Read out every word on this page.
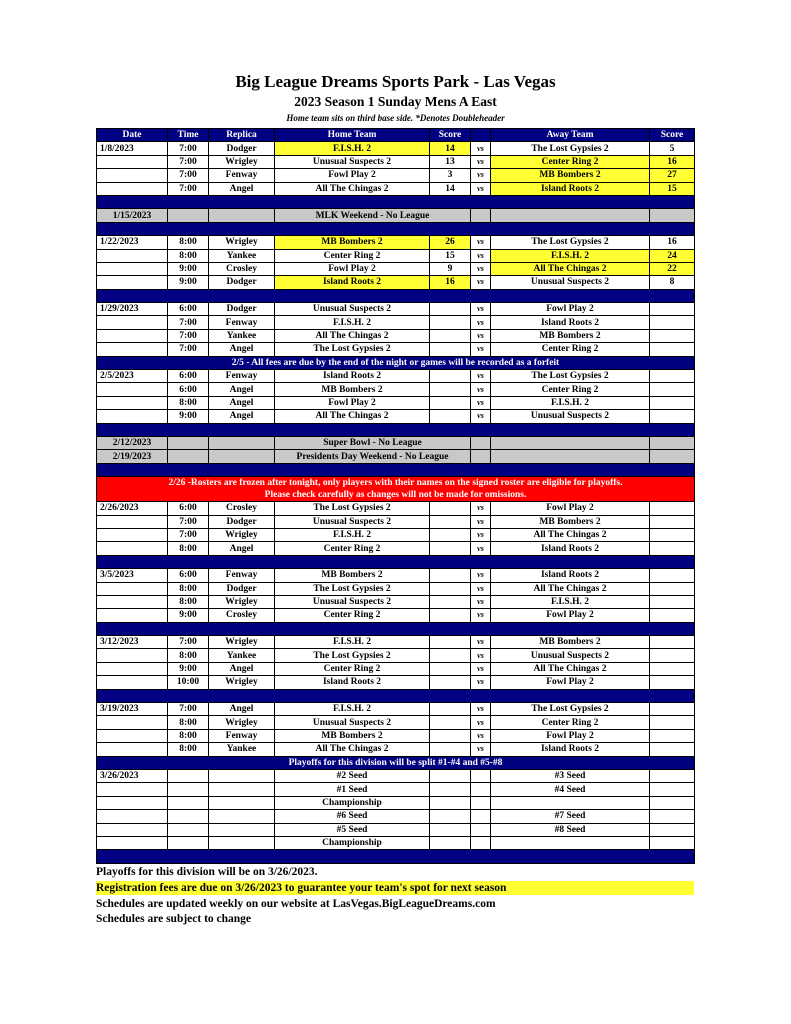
Big League Dreams Sports Park - Las Vegas
2023 Season 1 Sunday Mens A East
Home team sits on third base side. *Denotes Doubleheader
Date	Time	Replica	Home Team	Score		Away Team	Score
1/8/2023	7:00	Dodger	F.I.S.H. 2	14	vs	The Lost Gypsies 2	5
	7:00	Wrigley	Unusual Suspects 2	13	vs	Center Ring 2	16
	7:00	Fenway	Fowl Play 2	3	vs	MB Bombers 2	27
	7:00	Angel	All The Chingas 2	14	vs	Island Roots 2	15

1/15/2023			MLK Weekend - No League				

1/22/2023	8:00	Wrigley	MB Bombers 2	26	vs	The Lost Gypsies 2	16
	8:00	Yankee	Center Ring 2	15	vs	F.I.S.H. 2	24
	9:00	Crosley	Fowl Play 2	9	vs	All The Chingas 2	22
	9:00	Dodger	Island Roots 2	16	vs	Unusual Suspects 2	8

1/29/2023	6:00	Dodger	Unusual Suspects 2		vs	Fowl Play 2	
	7:00	Fenway	F.I.S.H. 2		vs	Island Roots 2	
	7:00	Yankee	All The Chingas 2		vs	MB Bombers 2	
	7:00	Angel	The Lost Gypsies 2		vs	Center Ring 2	
2/5 - All fees are due by the end of the night or games will be recorded as a forfeit							
2/5/2023	6:00	Fenway	Island Roots 2		vs	The Lost Gypsies 2	
	6:00	Angel	MB Bombers 2		vs	Center Ring 2	
	8:00	Angel	Fowl Play 2		vs	F.I.S.H. 2	
	9:00	Angel	All The Chingas 2		vs	Unusual Suspects 2	

2/12/2023			Super Bowl - No League				
2/19/2023			Presidents Day Weekend - No League				

2/26 -Rosters are frozen after tonight, only players with their names on the signed roster are eligible for playoffs.
Please check carefully as changes will not be made for omissions.							

2/26/2023	6:00	Crosley	The Lost Gypsies 2		vs	Fowl Play 2	
	7:00	Dodger	Unusual Suspects 2		vs	MB Bombers 2	
	7:00	Wrigley	F.I.S.H. 2		vs	All The Chingas 2	
	8:00	Angel	Center Ring 2		vs	Island Roots 2	

3/5/2023	6:00	Fenway	MB Bombers 2		vs	Island Roots 2	
	8:00	Dodger	The Lost Gypsies 2		vs	All The Chingas 2	
	8:00	Wrigley	Unusual Suspects 2		vs	F.I.S.H. 2	
	9:00	Crosley	Center Ring 2		vs	Fowl Play 2	

3/12/2023	7:00	Wrigley	F.I.S.H. 2		vs	MB Bombers 2	
	8:00	Yankee	The Lost Gypsies 2		vs	Unusual Suspects 2	
	9:00	Angel	Center Ring 2		vs	All The Chingas 2	
	10:00	Wrigley	Island Roots 2		vs	Fowl Play 2	

3/19/2023	7:00	Angel	F.I.S.H. 2		vs	The Lost Gypsies 2	
	8:00	Wrigley	Unusual Suspects 2		vs	Center Ring 2	
	8:00	Fenway	MB Bombers 2		vs	Fowl Play 2	
	8:00	Yankee	All The Chingas 2		vs	Island Roots 2	
Playoffs for this division will be split #1-#4 and #5-#8							
3/26/2023			#2 Seed			#3 Seed	
			#1 Seed			#4 Seed	
			Championship				
			#6 Seed			#7 Seed	
			#5 Seed			#8 Seed	
			Championship				

Playoffs for this division will be on 3/26/2023.
Registration fees are due on 3/26/2023 to guarantee your team's spot for next season
Schedules are updated weekly on our website at LasVegas.BigLeagueDreams.com
Schedules are subject to change
